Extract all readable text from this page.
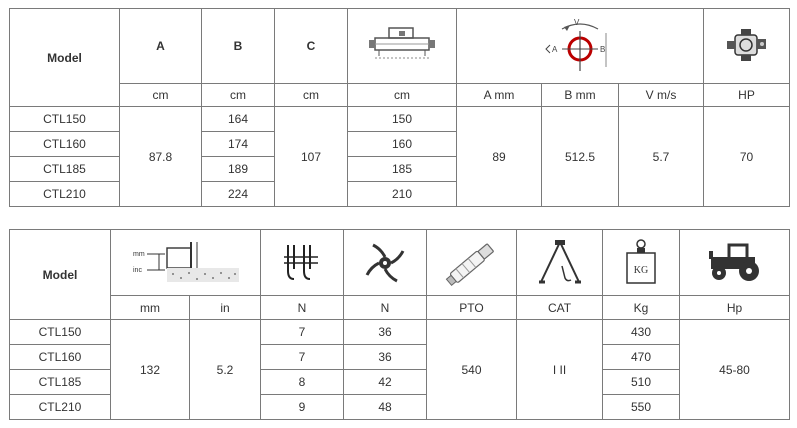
Model	A	B	C		V
B
A

	cm	cm	cm	cm	A mm	B mm	V m/s	HP
CTL150	87.8	164	107	150	89	512.5	5.7	70
CTL160		174		160				
CTL185		189		185				
CTL210		224		210				
Model	mm
inc						KG

	mm	in	N	N	PTO	CAT	Kg	Hp
CTL150	132	5.2	7	36	540	I II	430	45-80
CTL160			7	36			470	
CTL185			8	42			510	
CTL210			9	48			550	
